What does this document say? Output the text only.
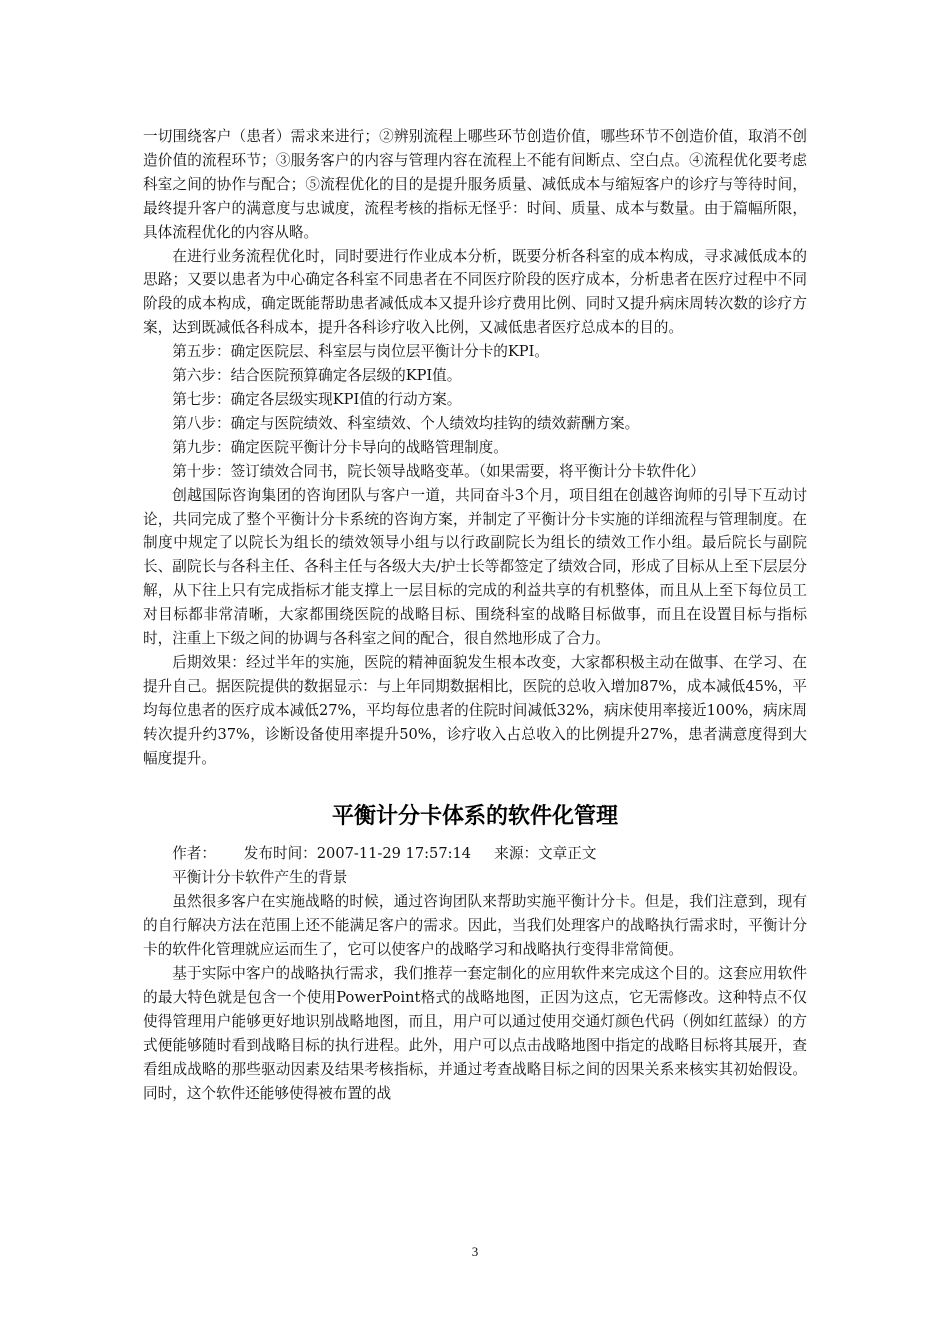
一切围绕客户（患者）需求来进行；②辨别流程上哪些环节创造价值，哪些环节不创造价值，取消不创造价值的流程环节；③服务客户的内容与管理内容在流程上不能有间断点、空白点。④流程优化要考虑科室之间的协作与配合；⑤流程优化的目的是提升服务质量、减低成本与缩短客户的诊疗与等待时间，最终提升客户的满意度与忠诚度，流程考核的指标无怪乎：时间、质量、成本与数量。由于篇幅所限，具体流程优化的内容从略。

在进行业务流程优化时，同时要进行作业成本分析，既要分析各科室的成本构成，寻求减低成本的思路；又要以患者为中心确定各科室不同患者在不同医疗阶段的医疗成本，分析患者在医疗过程中不同阶段的成本构成，确定既能帮助患者减低成本又提升诊疗费用比例、同时又提升病床周转次数的诊疗方案，达到既减低各科成本，提升各科诊疗收入比例，又减低患者医疗总成本的目的。

第五步：确定医院层、科室层与岗位层平衡计分卡的KPI。

第六步：结合医院预算确定各层级的KPI值。

第七步：确定各层级实现KPI值的行动方案。

第八步：确定与医院绩效、科室绩效、个人绩效均挂钩的绩效薪酬方案。

第九步：确定医院平衡计分卡导向的战略管理制度。

第十步：签订绩效合同书，院长领导战略变革。（如果需要，将平衡计分卡软件化）

创越国际咨询集团的咨询团队与客户一道，共同奋斗3个月，项目组在创越咨询师的引导下互动讨论，共同完成了整个平衡计分卡系统的咨询方案，并制定了平衡计分卡实施的详细流程与管理制度。在制度中规定了以院长为组长的绩效领导小组与以行政副院长为组长的绩效工作小组。最后院长与副院长、副院长与各科主任、各科主任与各级大夫/护士长等都签定了绩效合同，形成了目标从上至下层层分解，从下往上只有完成指标才能支撑上一层目标的完成的利益共享的有机整体，而且从上至下每位员工对目标都非常清晰，大家都围绕医院的战略目标、围绕科室的战略目标做事，而且在设置目标与指标时，注重上下级之间的协调与各科室之间的配合，很自然地形成了合力。

后期效果：经过半年的实施，医院的精神面貌发生根本改变，大家都积极主动在做事、在学习、在提升自己。据医院提供的数据显示：与上年同期数据相比，医院的总收入增加87%，成本减低45%，平均每位患者的医疗成本减低27%，平均每位患者的住院时间减低32%，病床使用率接近100%，病床周转次提升约37%，诊断设备使用率提升50%，诊疗收入占总收入的比例提升27%，患者满意度得到大幅度提升。

平衡计分卡体系的软件化管理

作者：      发布时间：2007-11-29 17:57:14     来源：文章正文

平衡计分卡软件产生的背景

虽然很多客户在实施战略的时候，通过咨询团队来帮助实施平衡计分卡。但是，我们注意到，现有的自行解决方法在范围上还不能满足客户的需求。因此，当我们处理客户的战略执行需求时，平衡计分卡的软件化管理就应运而生了，它可以使客户的战略学习和战略执行变得非常简便。

基于实际中客户的战略执行需求，我们推荐一套定制化的应用软件来完成这个目的。这套应用软件的最大特色就是包含一个使用PowerPoint格式的战略地图，正因为这点，它无需修改。这种特点不仅使得管理用户能够更好地识别战略地图，而且，用户可以通过使用交通灯颜色代码（例如红蓝绿）的方式便能够随时看到战略目标的执行进程。此外，用户可以点击战略地图中指定的战略目标将其展开，查看组成战略的那些驱动因素及结果考核指标，并通过考查战略目标之间的因果关系来核实其初始假设。同时，这个软件还能够使得被布置的战

3
